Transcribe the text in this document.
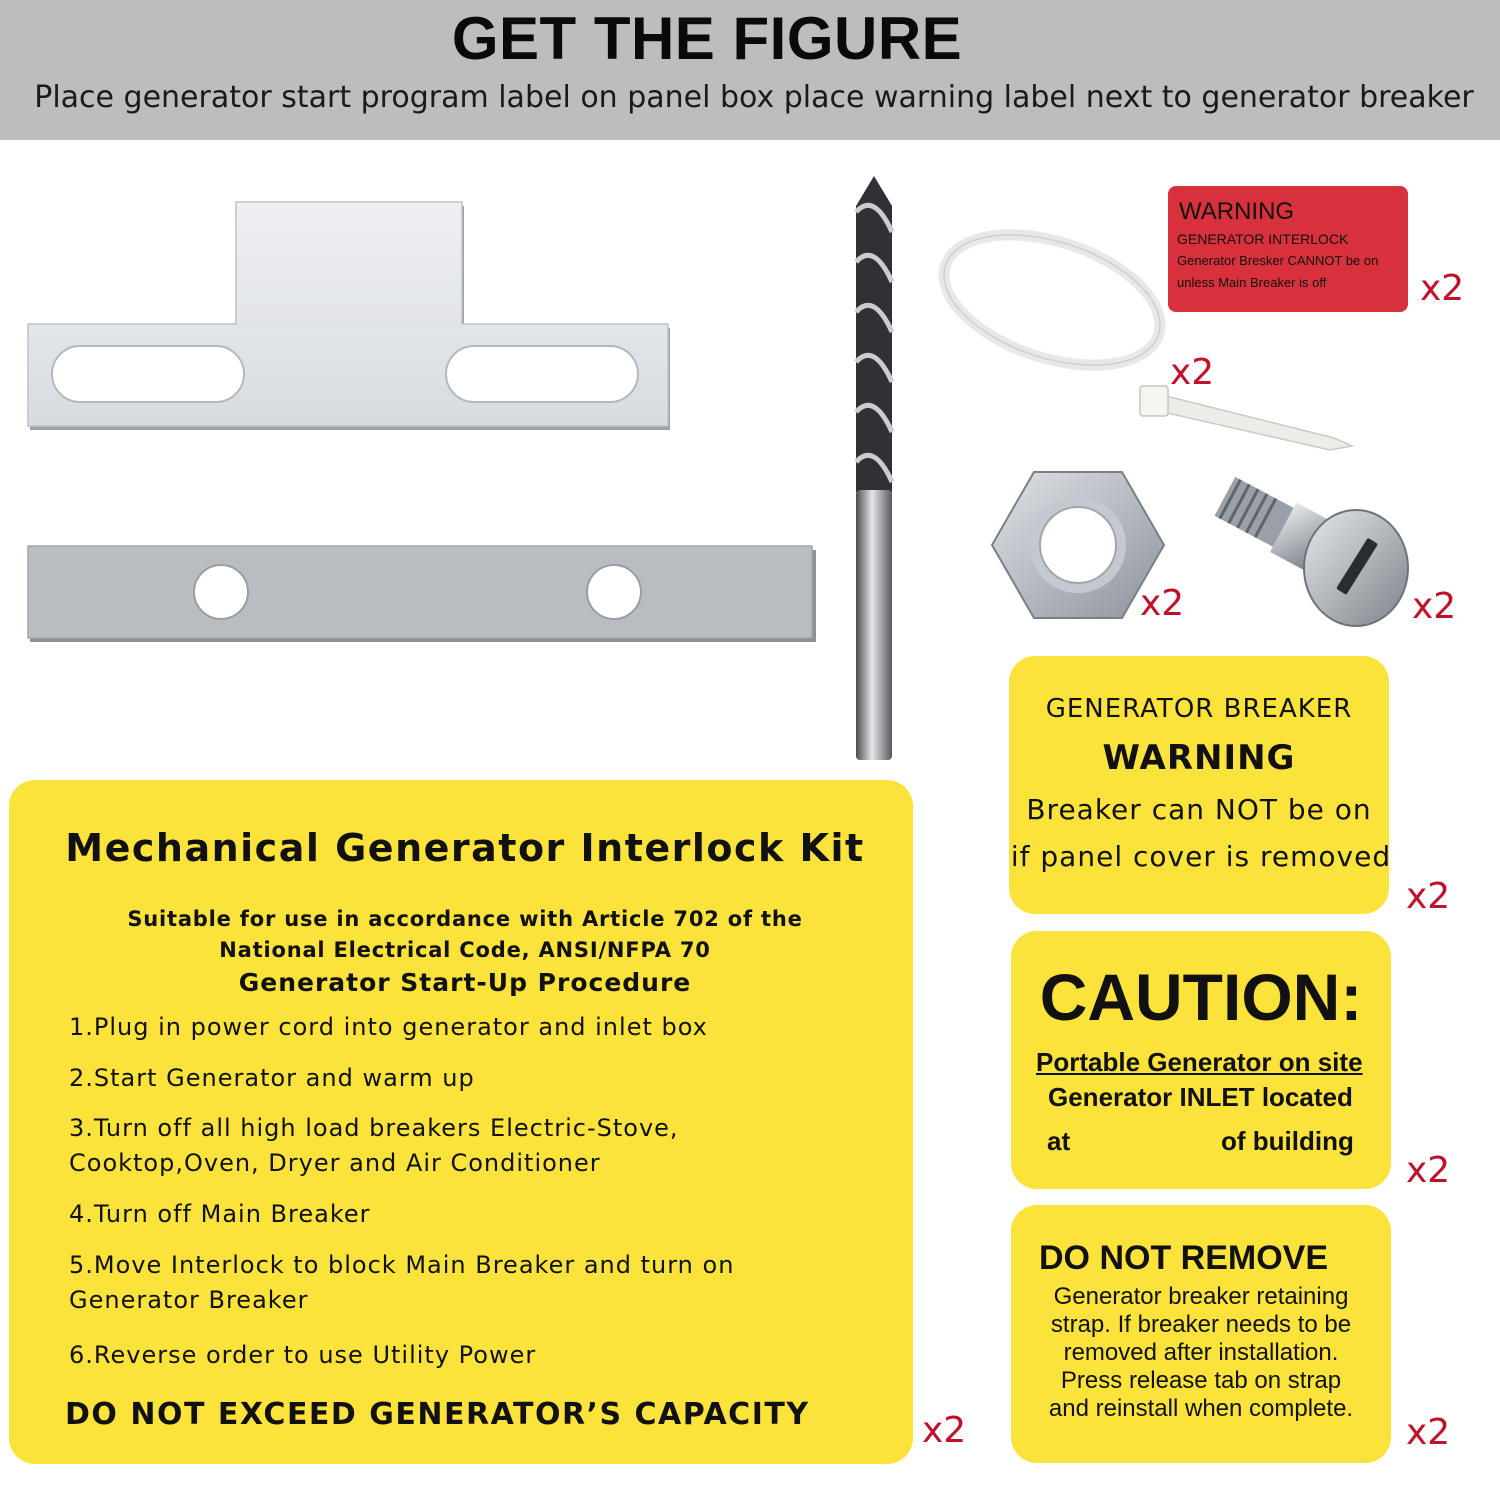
GET THE FIGURE
Place generator start program label on panel box place warning label next to generator breaker
x2
WARNING
GENERATOR INTERLOCK
Generator Bresker CANNOT be on
unless Main Breaker is off	x2
x2	x2
Mechanical Generator Interlock Kit
Suitable for use in accordance with Article 702 of the
National Electrical Code, ANSI/NFPA 70
Generator Start-Up Procedure
1.Plug in power cord into generator and inlet box
2.Start Generator and warm up
3.Turn off all high load breakers Electric-Stove, Cooktop,Oven, Dryer and Air Conditioner
4.Turn off Main Breaker
5.Move Interlock to block Main Breaker and turn on Generator Breaker
6.Reverse order to use Utility Power
DO NOT EXCEED GENERATOR’S CAPACITY	x2
GENERATOR BREAKER
WARNING
Breaker can NOT be on
if panel cover is removed
x2
CAUTION:
Portable Generator on site
Generator INLET located
at	of building
x2
DO NOT REMOVE
Generator breaker retaining
strap. If breaker needs to be
removed after installation.
Press release tab on strap
and reinstall when complete.
x2
